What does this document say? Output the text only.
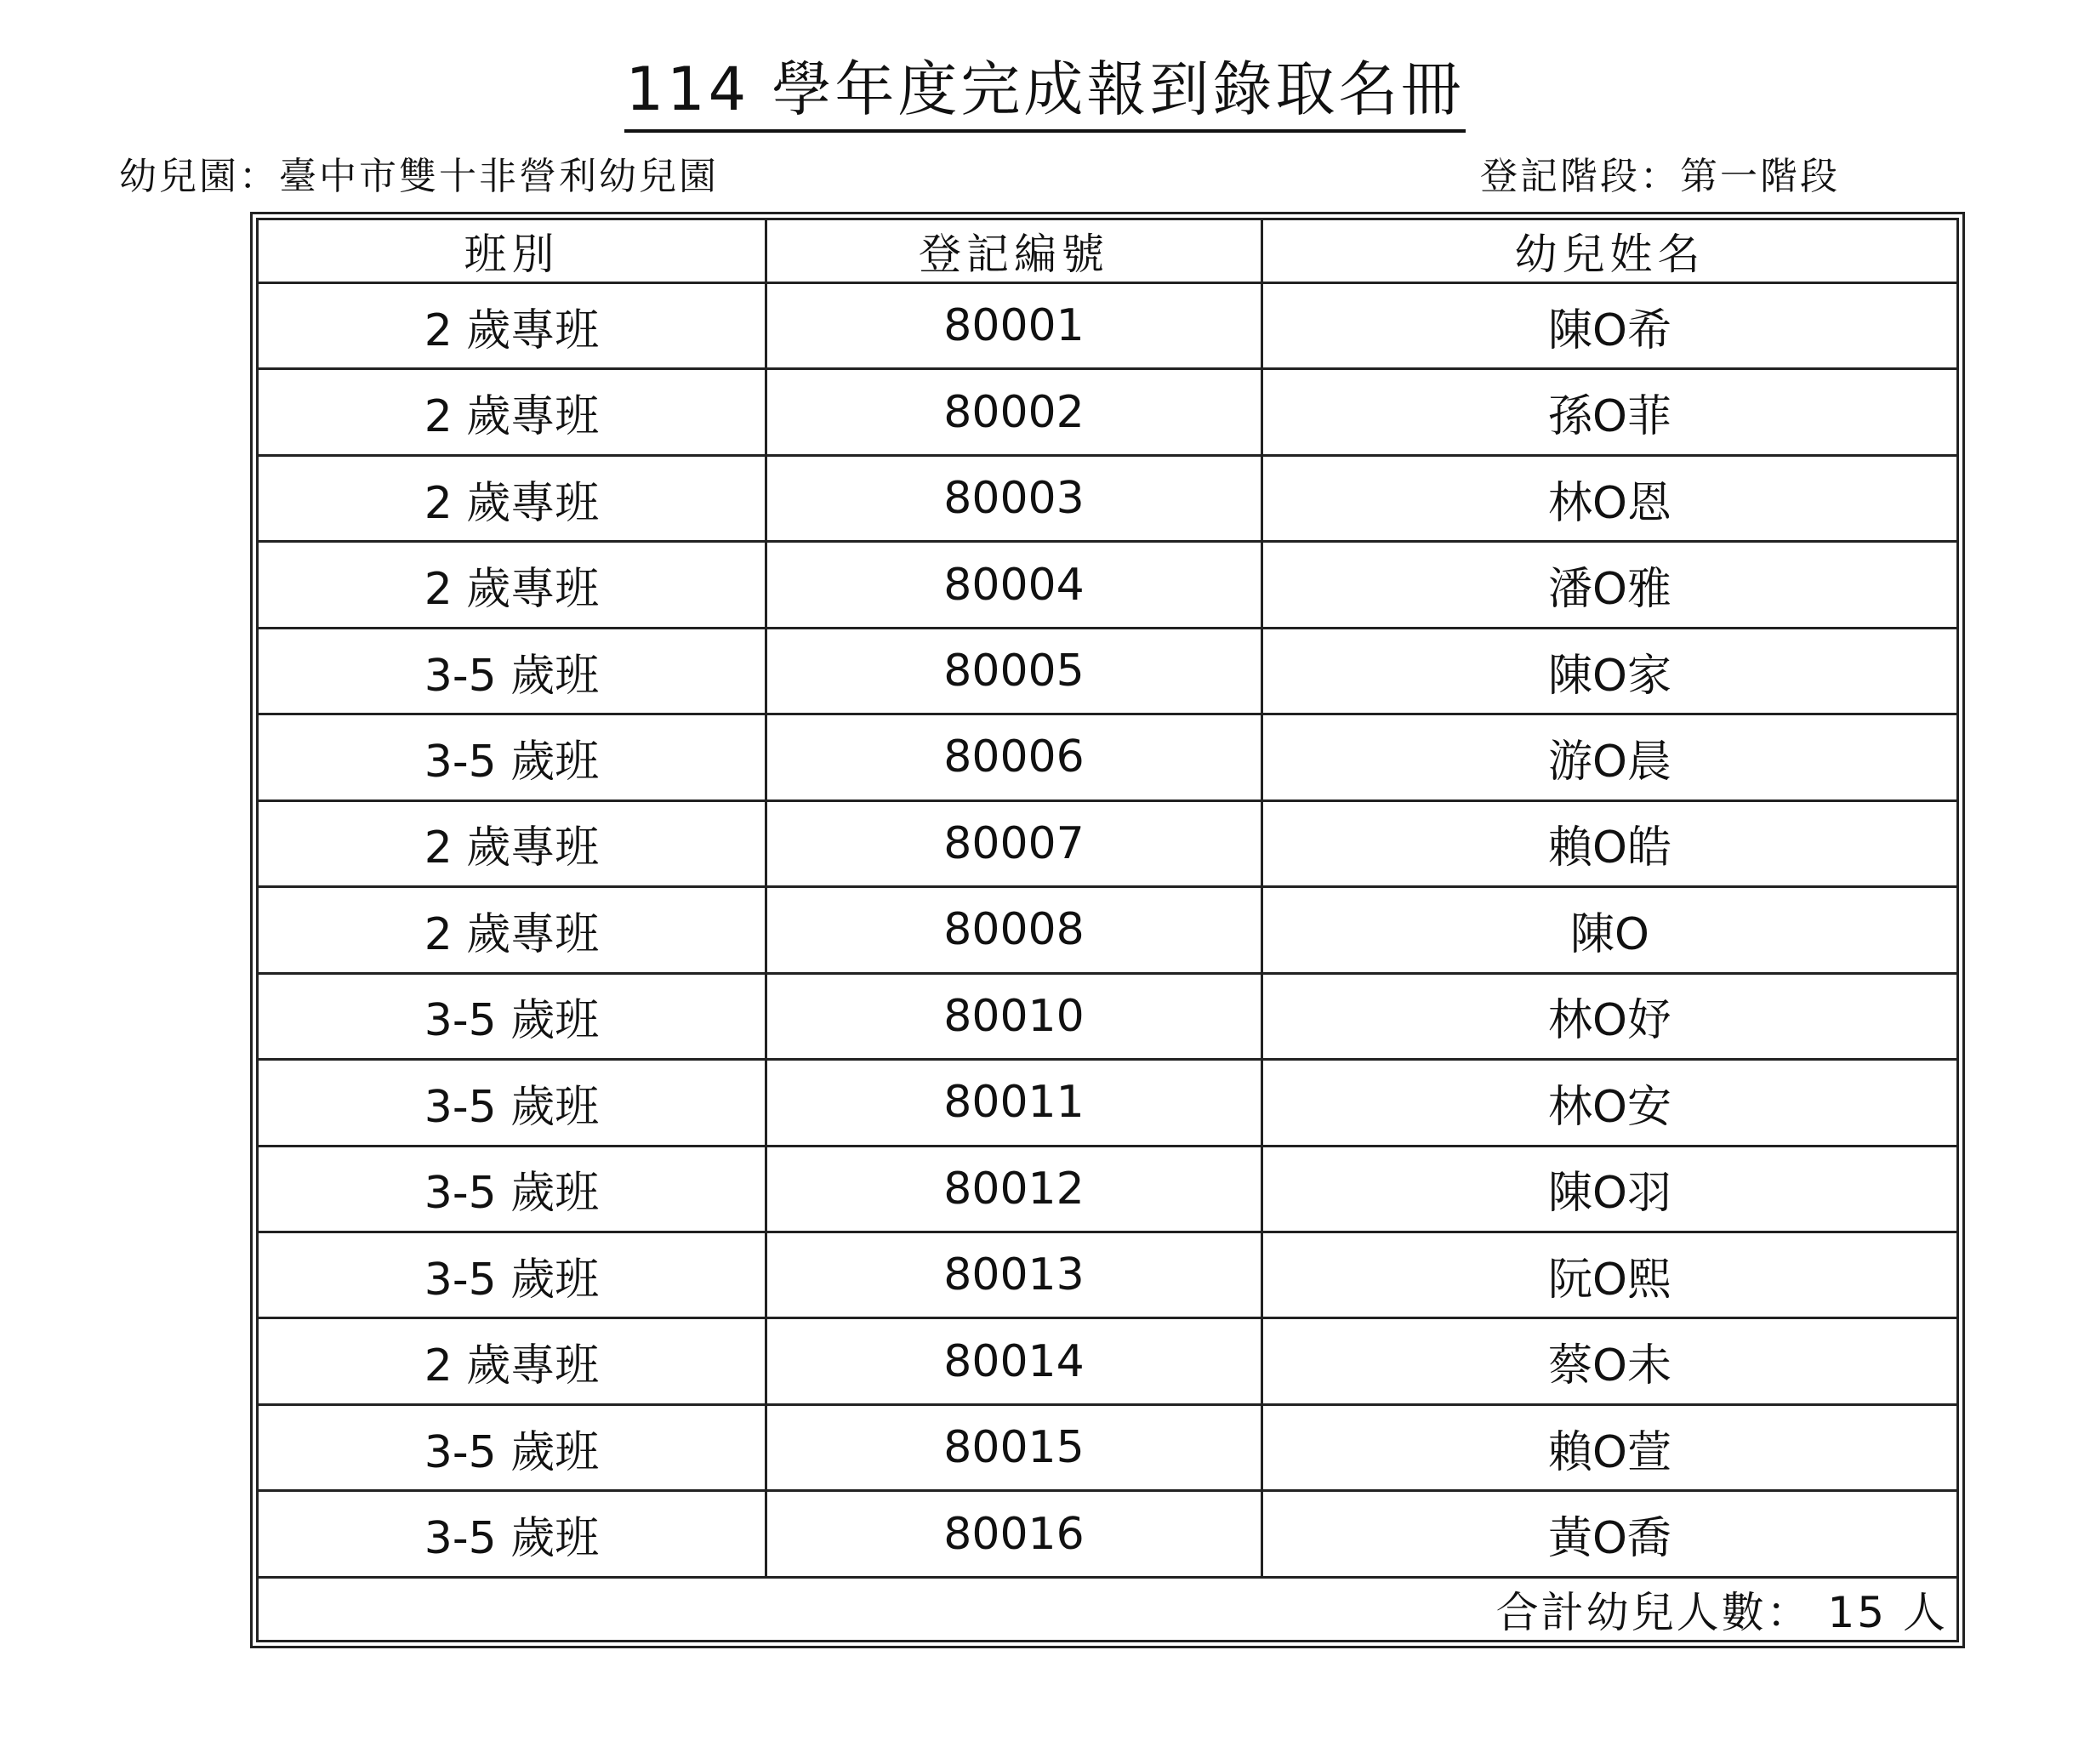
114 學年度完成報到錄取名冊
幼兒園：臺中市雙十非營利幼兒園	登記階段：第一階段
班別	登記編號	幼兒姓名
2 歲專班	80001	陳O希
2 歲專班	80002	孫O菲
2 歲專班	80003	林O恩
2 歲專班	80004	潘O雅
3-5 歲班	80005	陳O家
3-5 歲班	80006	游O晨
2 歲專班	80007	賴O皓
2 歲專班	80008	陳O
3-5 歲班	80010	林O妤
3-5 歲班	80011	林O安
3-5 歲班	80012	陳O羽
3-5 歲班	80013	阮O熙
2 歲專班	80014	蔡O未
3-5 歲班	80015	賴O萱
3-5 歲班	80016	黃O喬
合計幼兒人數： 15 人		
